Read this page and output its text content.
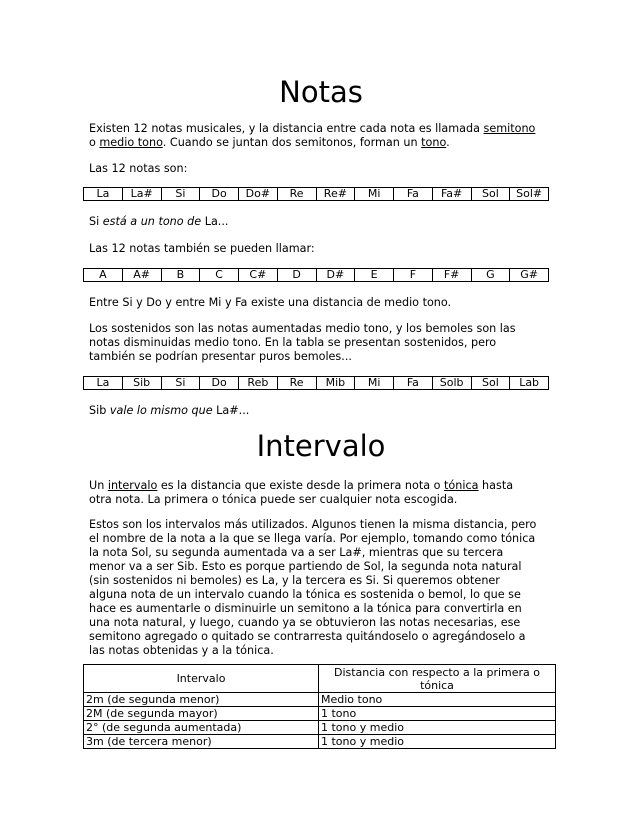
Notas

Existen 12 notas musicales, y la distancia entre cada nota es llamada semitono
o medio tono. Cuando se juntan dos semitonos, forman un tono.

Las 12 notas son:

La	La#	Si	Do	Do#	Re	Re#	Mi	Fa	Fa#	Sol	Sol#

Si está a un tono de La...

Las 12 notas también se pueden llamar:

A	A#	B	C	C#	D	D#	E	F	F#	G	G#

Entre Si y Do y entre Mi y Fa existe una distancia de medio tono.

Los sostenidos son las notas aumentadas medio tono, y los bemoles son las
notas disminuidas medio tono. En la tabla se presentan sostenidos, pero
también se podrían presentar puros bemoles...

La	Sib	Si	Do	Reb	Re	Mib	Mi	Fa	Solb	Sol	Lab

Sib vale lo mismo que La#...

Intervalo

Un intervalo es la distancia que existe desde la primera nota o tónica hasta
otra nota. La primera o tónica puede ser cualquier nota escogida.

Estos son los intervalos más utilizados. Algunos tienen la misma distancia, pero
el nombre de la nota a la que se llega varía. Por ejemplo, tomando como tónica
la nota Sol, su segunda aumentada va a ser La#, mientras que su tercera
menor va a ser Sib. Esto es porque partiendo de Sol, la segunda nota natural
(sin sostenidos ni bemoles) es La, y la tercera es Si. Si queremos obtener
alguna nota de un intervalo cuando la tónica es sostenida o bemol, lo que se
hace es aumentarle o disminuirle un semitono a la tónica para convertirla en
una nota natural, y luego, cuando ya se obtuvieron las notas necesarias, ese
semitono agregado o quitado se contrarresta quitándoselo o agregándoselo a
las notas obtenidas y a la tónica.

Intervalo	Distancia con respecto a la primera o tónica
2m (de segunda menor)	Medio tono
2M (de segunda mayor)	1 tono
2° (de segunda aumentada)	1 tono y medio
3m (de tercera menor)	1 tono y medio
